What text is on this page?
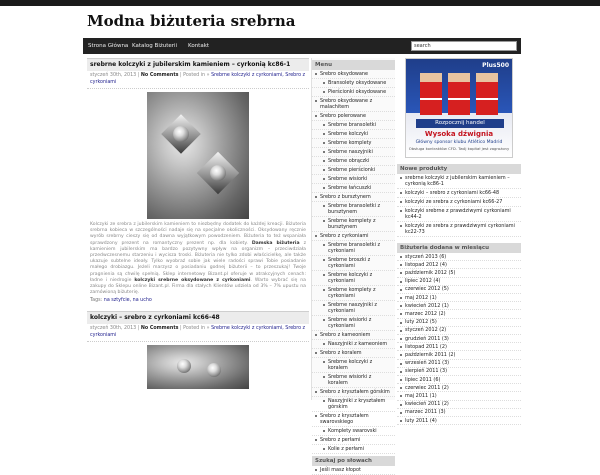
Modna biżuteria srebrna
Strona Główna Katalog Biżuterii	Kontakt
search
srebrne kolczyki z jubilerskim kamieniem – cyrkonią kc86-1
styczeń 30th, 2013 | No Comments | Posted in » Srebrne kolczyki z cyrkoniami, Srebro z cyrkoniami
Kolczyki ze srebra z jubilerskim kamieniem to niezbędny dodatek do każdej kreacji. Biżuteria srebrna kobieca w szczególności nadaje się na specjalne okoliczności. Oksydowany ręcznie wyrób srebrny cieszy się od dawna wyjątkowym powodzeniem. Biżuteria to też wspaniała sprawdzony prezent na romantyczny prezent np. dla kobiety. Damska biżuteria z kamieniem jubilerskim ma bardzo pozytywny wpływ na organizm – przeciwdziała przedwczesnemu starzeniu i wycisza troski. Biżuteria nie tylko zdobi właścicielkę, ale także ukazuje subtelne ideały. Tylko wyobraź sobie jak wiele radości sprawi Tobie posiadanie małego drobiazgu. Jeżeli marzysz o posiadaniu godnej biżuterii – to przeszukaj! Twoje pragnienia są chwilę spełnią. Sklep internetowy Bizant.pl oferuje w atrakcyjnych cenach: ładne i niedrogie kolczyki srebrne oksydowane z cyrkoniami. Warto wybrać się na zakupy do Sklepu online Bizant.pl. Firma dla stałych Klientów udziela od 3% – 7% upustu na zamówioną biżuterię.
Tags: na sztyfcie, na ucho
kolczyki – srebro z cyrkoniami kc66-48
styczeń 30th, 2013 | No Comments | Posted in » Srebrne kolczyki z cyrkoniami, Srebro z cyrkoniami
Menu
Srebro oksydowane
Bransolety oksydowane
Pierścionki oksydowane
Srebro oksydowane z malachitem
Srebro polerowane
Srebrne bransoletki
Srebrne kolczyki
Srebrne komplety
Srebrne naszyjniki
Srebrne obrączki
Srebrne pierścionki
Srebrne wisiorki
Srebrne łańcuszki
Srebro z bursztynem
Srebrne bransoletki z bursztynem
Srebrne komplety z bursztynem
Srebro z cyrkoniami
Srebrne bransoletki z cyrkoniami
Srebrne broszki z cyrkoniami
Srebrne kolczyki z cyrkoniami
Srebrne komplety z cyrkoniami
Srebrne naszyjniki z cyrkoniami
Srebrne wisiorki z cyrkoniami
Srebro z kameoniem
Naszyjniki z kameoniem
Srebro z koralem
Srebrne kolczyki z koralem
Srebrne wisiorki z koralem
Srebro z kryształem górskim
Naszyjniki z kryształem górskim
Srebro z kryształem swarovskiego
Komplety swarovski
Srebro z perłami
Kolie z perłami
Szukaj po słowach
Jeśli masz kłopot
Plus500
Rozpocznij handel
Wysoka dźwignia
Główny sponsor klubu Atlético Madrid
Obsługa kontraktów CFD. Twój kapitał jest zagrożony
Nowe produkty
srebrne kolczyki z jubilerskim kamieniem – cyrkonią kc86-1
kolczyki – srebro z cyrkoniami kc66-48
kolczyki ze srebra z cyrkoniami kc66-27
kolczyki srebrne z prawdziwymi cyrkoniami kc44-2
kolczyki ze srebra z prawdziwymi cyrkoniami kc22-73
Biżuteria dodana w miesiącu
styczeń 2013 (6)
listopad 2012 (4)
październik 2012 (5)
lipiec 2012 (4)
czerwiec 2012 (5)
maj 2012 (1)
kwiecień 2012 (1)
marzec 2012 (2)
luty 2012 (5)
styczeń 2012 (2)
grudzień 2011 (3)
listopad 2011 (2)
październik 2011 (2)
wrzesień 2011 (3)
sierpień 2011 (3)
lipiec 2011 (6)
czerwiec 2011 (2)
maj 2011 (1)
kwiecień 2011 (2)
marzec 2011 (3)
luty 2011 (4)
